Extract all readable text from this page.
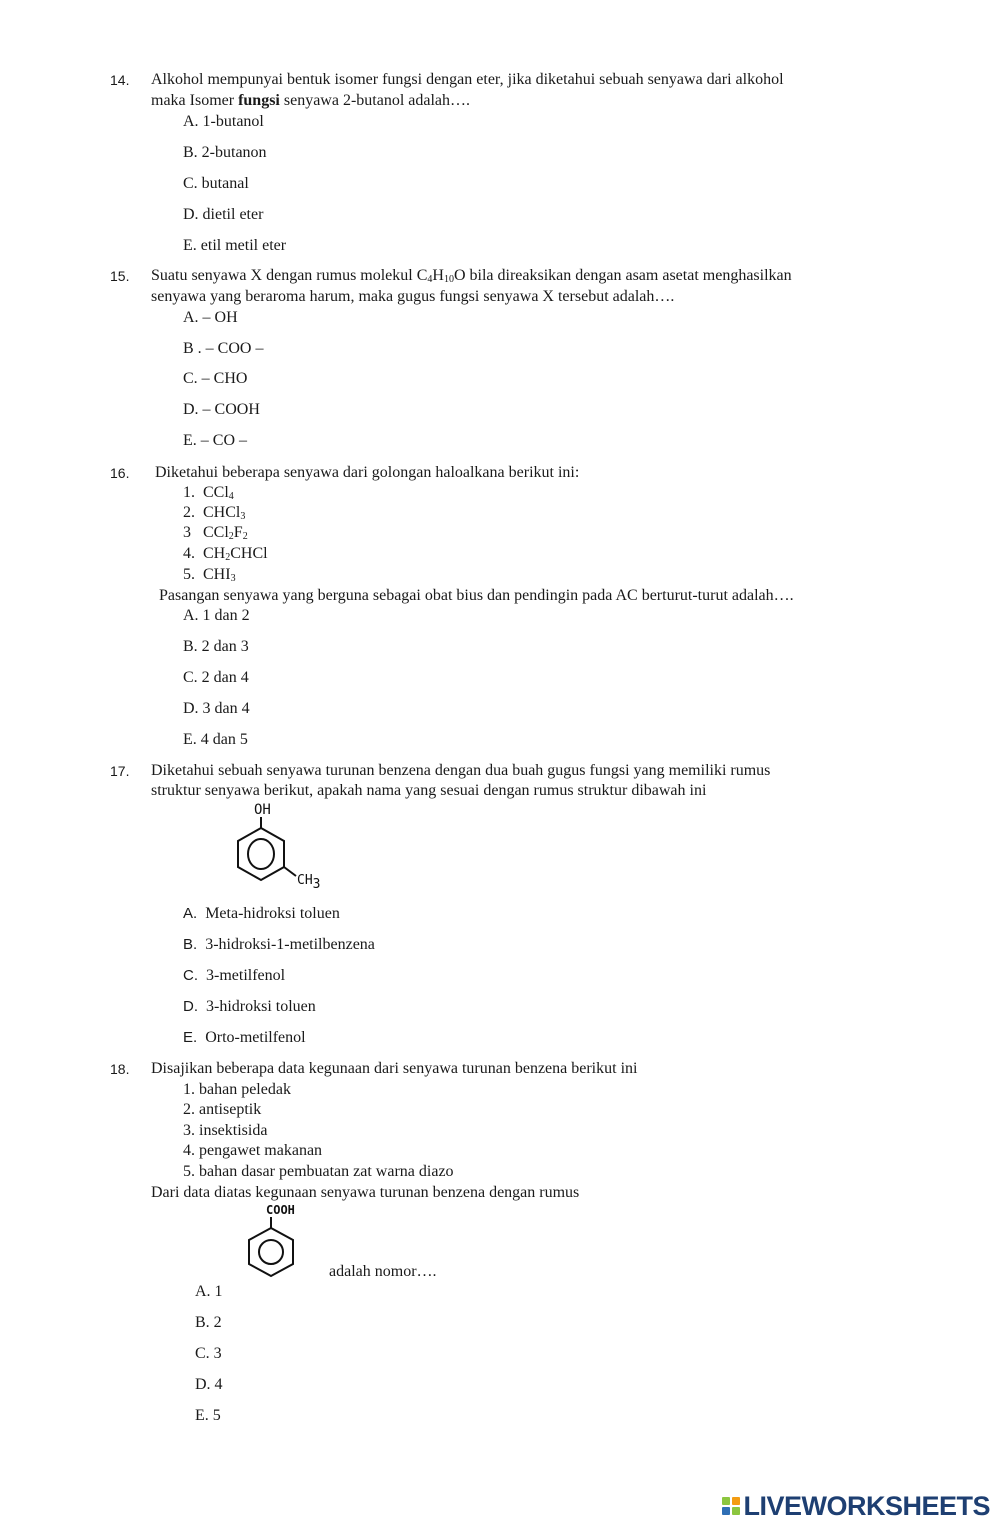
14. Alkohol mempunyai bentuk isomer fungsi dengan eter, jika diketahui sebuah senyawa dari alkohol
maka Isomer fungsi senyawa 2-butanol adalah….
A. 1-butanol
B. 2-butanon
C. butanal
D. dietil eter
E. etil metil eter
15. Suatu senyawa X dengan rumus molekul $C_4H_{10}O$ bila direaksikan dengan asam asetat menghasilkan
senyawa yang beraroma harum, maka gugus fungsi senyawa X tersebut adalah….
A. – OH
B . – COO –
C. – CHO
D. – COOH
E. – CO –
16. Diketahui beberapa senyawa dari golongan haloalkana berikut ini:
1. CCl$_4$
2. CHCl$_3$
3 $CCl_2F_2$
4. $CH_2CHCl$
5. $CHI_3$
Pasangan senyawa yang berguna sebagai obat bius dan pendingin pada AC berturut-turut adalah….
A. 1 dan 2
B. 2 dan 3
C. 2 dan 4
D. 3 dan 4
E. 4 dan 5
17. Diketahui sebuah senyawa turunan benzena dengan dua buah gugus fungsi yang memiliki rumus
struktur senyawa berikut, apakah nama yang sesuai dengan rumus struktur dibawah ini
OH
CH3
A. Meta-hidroksi toluen
B. 3-hidroksi-1-metilbenzena
C. 3-metilfenol
D. 3-hidroksi toluen
E. Orto-metilfenol
18. Disajikan beberapa data kegunaan dari senyawa turunan benzena berikut ini
1. bahan peledak
2. antiseptik
3. insektisida
4. pengawet makanan
5. bahan dasar pembuatan zat warna diazo
Dari data diatas kegunaan senyawa turunan benzena dengan rumus
COOH
adalah nomor….
A. 1
B. 2
C. 3
D. 4
E. 5
LIVEWORKSHEETS
